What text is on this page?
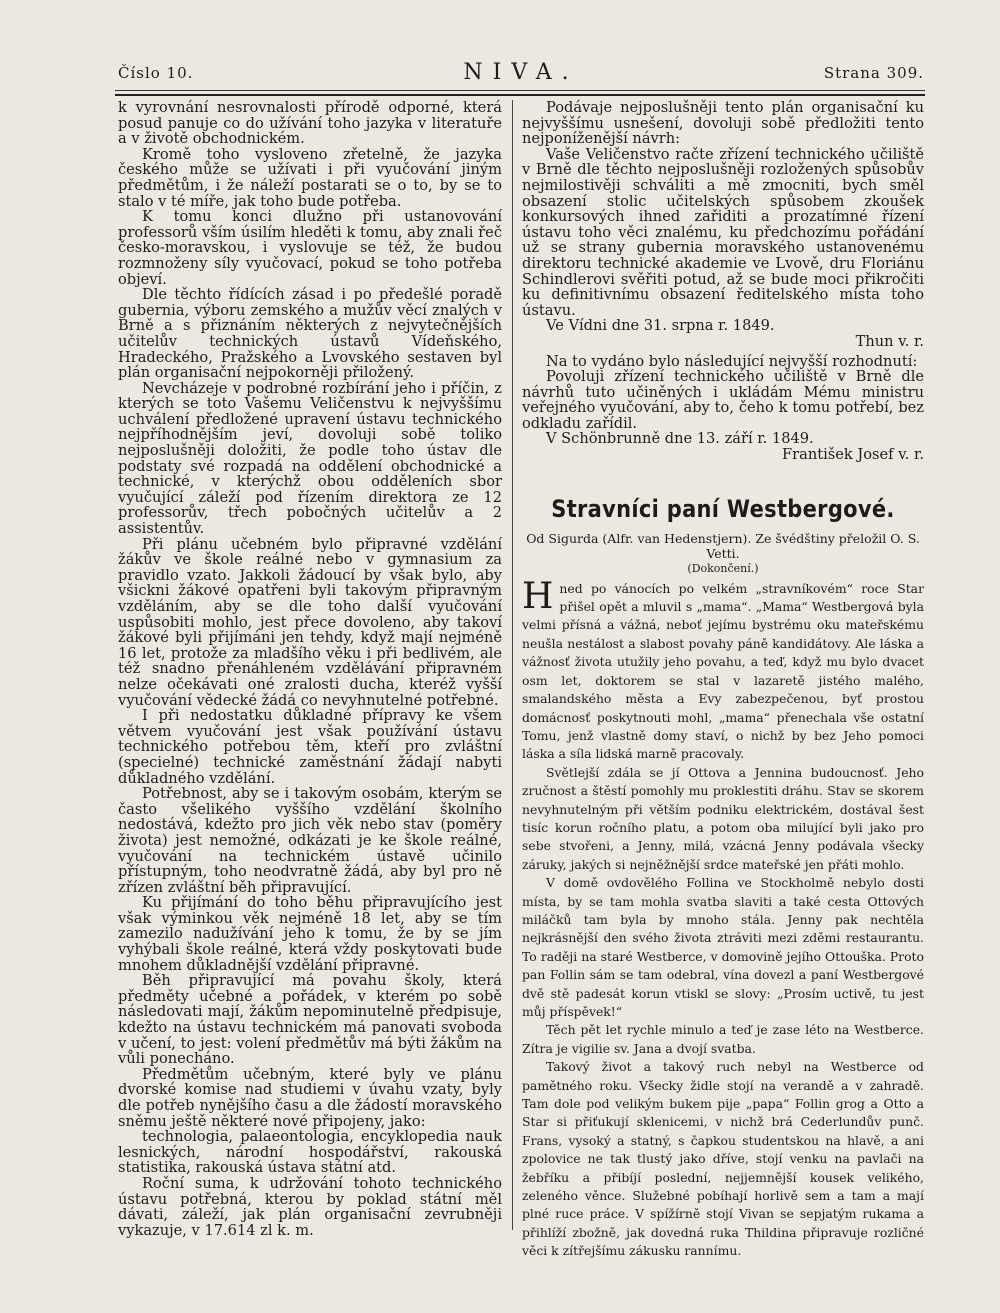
Číslo 10.	NIVA.	Strana 309.

k vyrovnání nesrovnalosti přírodě odporné, která posud panuje co do užívání toho jazyka v literatuře a v životě obchodnickém.

Kromě toho vysloveno zřetelně, že jazyka českého může se užívati i při vyučování jiným předmětům, i že náleží postarati se o to, by se to stalo v té míře, jak toho bude potřeba.

K tomu konci dlužno při ustanovování professorů vším úsilím hleděti k tomu, aby znali řeč česko-moravskou, i vyslovuje se též, že budou rozmnoženy síly vyučovací, pokud se toho potřeba objeví.

Dle těchto řídících zásad i po předešlé poradě gubernia, výboru zemského a mužův věcí znalých v Brně a s přiznáním některých z nejvytečnějších učitelův technických ústavů Vídeňského, Hradeckého, Pražského a Lvovského sestaven byl plán organisační nejpokorněji přiložený.

Nevcházeje v podrobné rozbírání jeho i příčin, z kterých se toto Vašemu Veličenstvu k nejvyššímu uchválení předložené upravení ústavu technického nejpříhodnějším jeví, dovoluji sobě toliko nejposlušněji doložiti, že podle toho ústav dle podstaty své rozpadá na oddělení obchodnické a technické, v kterýchž obou odděleních sbor vyučující záleží pod řízením direktora ze 12 professorův, třech pobočných učitelův a 2 assistentův.

Při plánu učebném bylo připravné vzdělání žákův ve škole reálné nebo v gymnasium za pravidlo vzato. Jakkoli žádoucí by však bylo, aby všickni žákové opatřeni byli takovým připravným vzděláním, aby se dle toho další vyučování uspůsobiti mohlo, jest přece dovoleno, aby takoví žákové byli přijímáni jen tehdy, když mají nejméně 16 let, protože za mladšího věku i při bedlivém, ale též snadno přenáhleném vzdělávání připravném nelze očekávati oné zralosti ducha, kteréž vyšší vyučování vědecké žádá co nevyhnutelné potřebné.

I při nedostatku důkladné přípravy ke všem větvem vyučování jest však používání ústavu technického potřebou těm, kteří pro zvláštní (specielné) technické zaměstnání žádají nabyti důkladného vzdělání.

Potřebnost, aby se i takovým osobám, kterým se často všelikého vyššího vzdělání školního nedostává, kdežto pro jich věk nebo stav (poměry života) jest nemožné, odkázati je ke škole reálné, vyučování na technickém ústavě učinilo přístupným, toho neodvratně žádá, aby byl pro ně zřízen zvláštní běh připravující.

Ku přijímání do toho běhu připravujícího jest však výminkou věk nejméně 18 let, aby se tím zamezilo nadužívání jeho k tomu, že by se jím vyhýbali škole reálné, která vždy poskytovati bude mnohem důkladnější vzdělání připravné.

Běh připravující má povahu školy, která předměty učebné a pořádek, v kterém po sobě následovati mají, žákům nepominutelně předpisuje, kdežto na ústavu technickém má panovati svoboda v učení, to jest: volení předmětův má býti žákům na vůli ponecháno.

Předmětům učebným, které byly ve plánu dvorské komise nad studiemi v úvahu vzaty, byly dle potřeb nynějšího času a dle žádostí moravského sněmu ještě některé nové připojeny, jako:

technologia, palaeontologia, encyklopedia nauk lesnických, národní hospodářství, rakouská statistika, rakouská ústava státní atd.

Roční suma, k udržování tohoto technického ústavu potřebná, kterou by poklad státní měl dávati, záleží, jak plán organisační zevrubněji vykazuje, v 17.614 zl k. m.

Podávaje nejposlušněji tento plán organisační ku nejvyššímu usnešení, dovoluji sobě předložiti tento nejponíženější návrh:

Vaše Veličenstvo račte zřízení technického učiliště v Brně dle těchto nejposlušněji rozložených spůsobův nejmilostivěji schváliti a mě zmocniti, bych směl obsazení stolic učitelských spůsobem zkoušek konkursových ihned zařiditi a prozatímné řízení ústavu toho věci znalému, ku předchozímu pořádání už se strany gubernia moravského ustanovenému direktoru technické akademie ve Lvově, dru Floriánu Schindlerovi svěřiti potud, až se bude moci přikročiti ku definitivnímu obsazení ředitelského místa toho ústavu.

Ve Vídni dne 31. srpna r. 1849.

Thun v. r.

Na to vydáno bylo následující nejvyšší rozhodnutí:

Povoluji zřízení technického učiliště v Brně dle návrhů tuto učiněných i ukládám Mému ministru veřejného vyučování, aby to, čeho k tomu potřebí, bez odkladu zařídil.

V Schönbrunně dne 13. září r. 1849.

František Josef v. r.

Stravníci paní Westbergové.
Od Sigurda (Alfr. van Hedenstjern). Ze švédštiny přeložil O. S. Vetti.
(Dokončení.)

Hned po vánocích po velkém „stravníkovém“ roce Star přišel opět a mluvil s „mama“. „Mama“ Westbergová byla velmi přísná a vážná, neboť jejímu bystrému oku mateřskému neušla nestálost a slabost povahy páně kandidátovy. Ale láska a vážnosť života utužily jeho povahu, a teď, když mu bylo dvacet osm let, doktorem se stal v lazaretě jistého malého, smalandského města a Evy zabezpečenou, byť prostou domácnosť poskytnouti mohl, „mama“ přenechala vše ostatní Tomu, jenž vlastně domy staví, o nichž by bez Jeho pomoci láska a síla lidská marně pracovaly.

Světlejší zdála se jí Ottova a Jennina budoucnosť. Jeho zručnost a štěstí pomohly mu proklestiti dráhu. Stav se skorem nevyhnutelným při větším podniku elektrickém, dostával šest tisíc korun ročního platu, a potom oba milující byli jako pro sebe stvořeni, a Jenny, milá, vzácná Jenny podávala všecky záruky, jakých si nejněžnější srdce mateřské jen přáti mohlo.

V domě ovdovělého Follina ve Stockholmě nebylo dosti místa, by se tam mohla svatba slaviti a také cesta Ottových miláčků tam byla by mnoho stála. Jenny pak nechtěla nejkrásnější den svého života ztráviti mezi zděmi restaurantu. To raději na staré Westberce, v domovině jejího Ottouška. Proto pan Follin sám se tam odebral, vína dovezl a paní Westbergové dvě stě padesát korun vtiskl se slovy: „Prosím uctivě, tu jest můj příspěvek!“

Těch pět let rychle minulo a teď je zase léto na Westberce. Zítra je vigilie sv. Jana a dvojí svatba.

Takový život a takový ruch nebyl na Westberce od pamětného roku. Všecky židle stojí na verandě a v zahradě. Tam dole pod velikým bukem pije „papa“ Follin grog a Otto a Star si přiťukují sklenicemi, v nichž brá Cederlundův punč. Frans, vysoký a statný, s čapkou studentskou na hlavě, a ani zpolovice ne tak tlustý jako dříve, stojí venku na pavlači na žebříku a přibíjí poslední, nejjemnější kousek velikého, zeleného věnce. Služebné pobíhají horlivě sem a tam a mají plné ruce práce. V spížírně stojí Vivan se sepjatým rukama a přihlíží zbožně, jak dovedná ruka Thildina připravuje rozličné věci k zítřejšímu zákusku rannímu.
